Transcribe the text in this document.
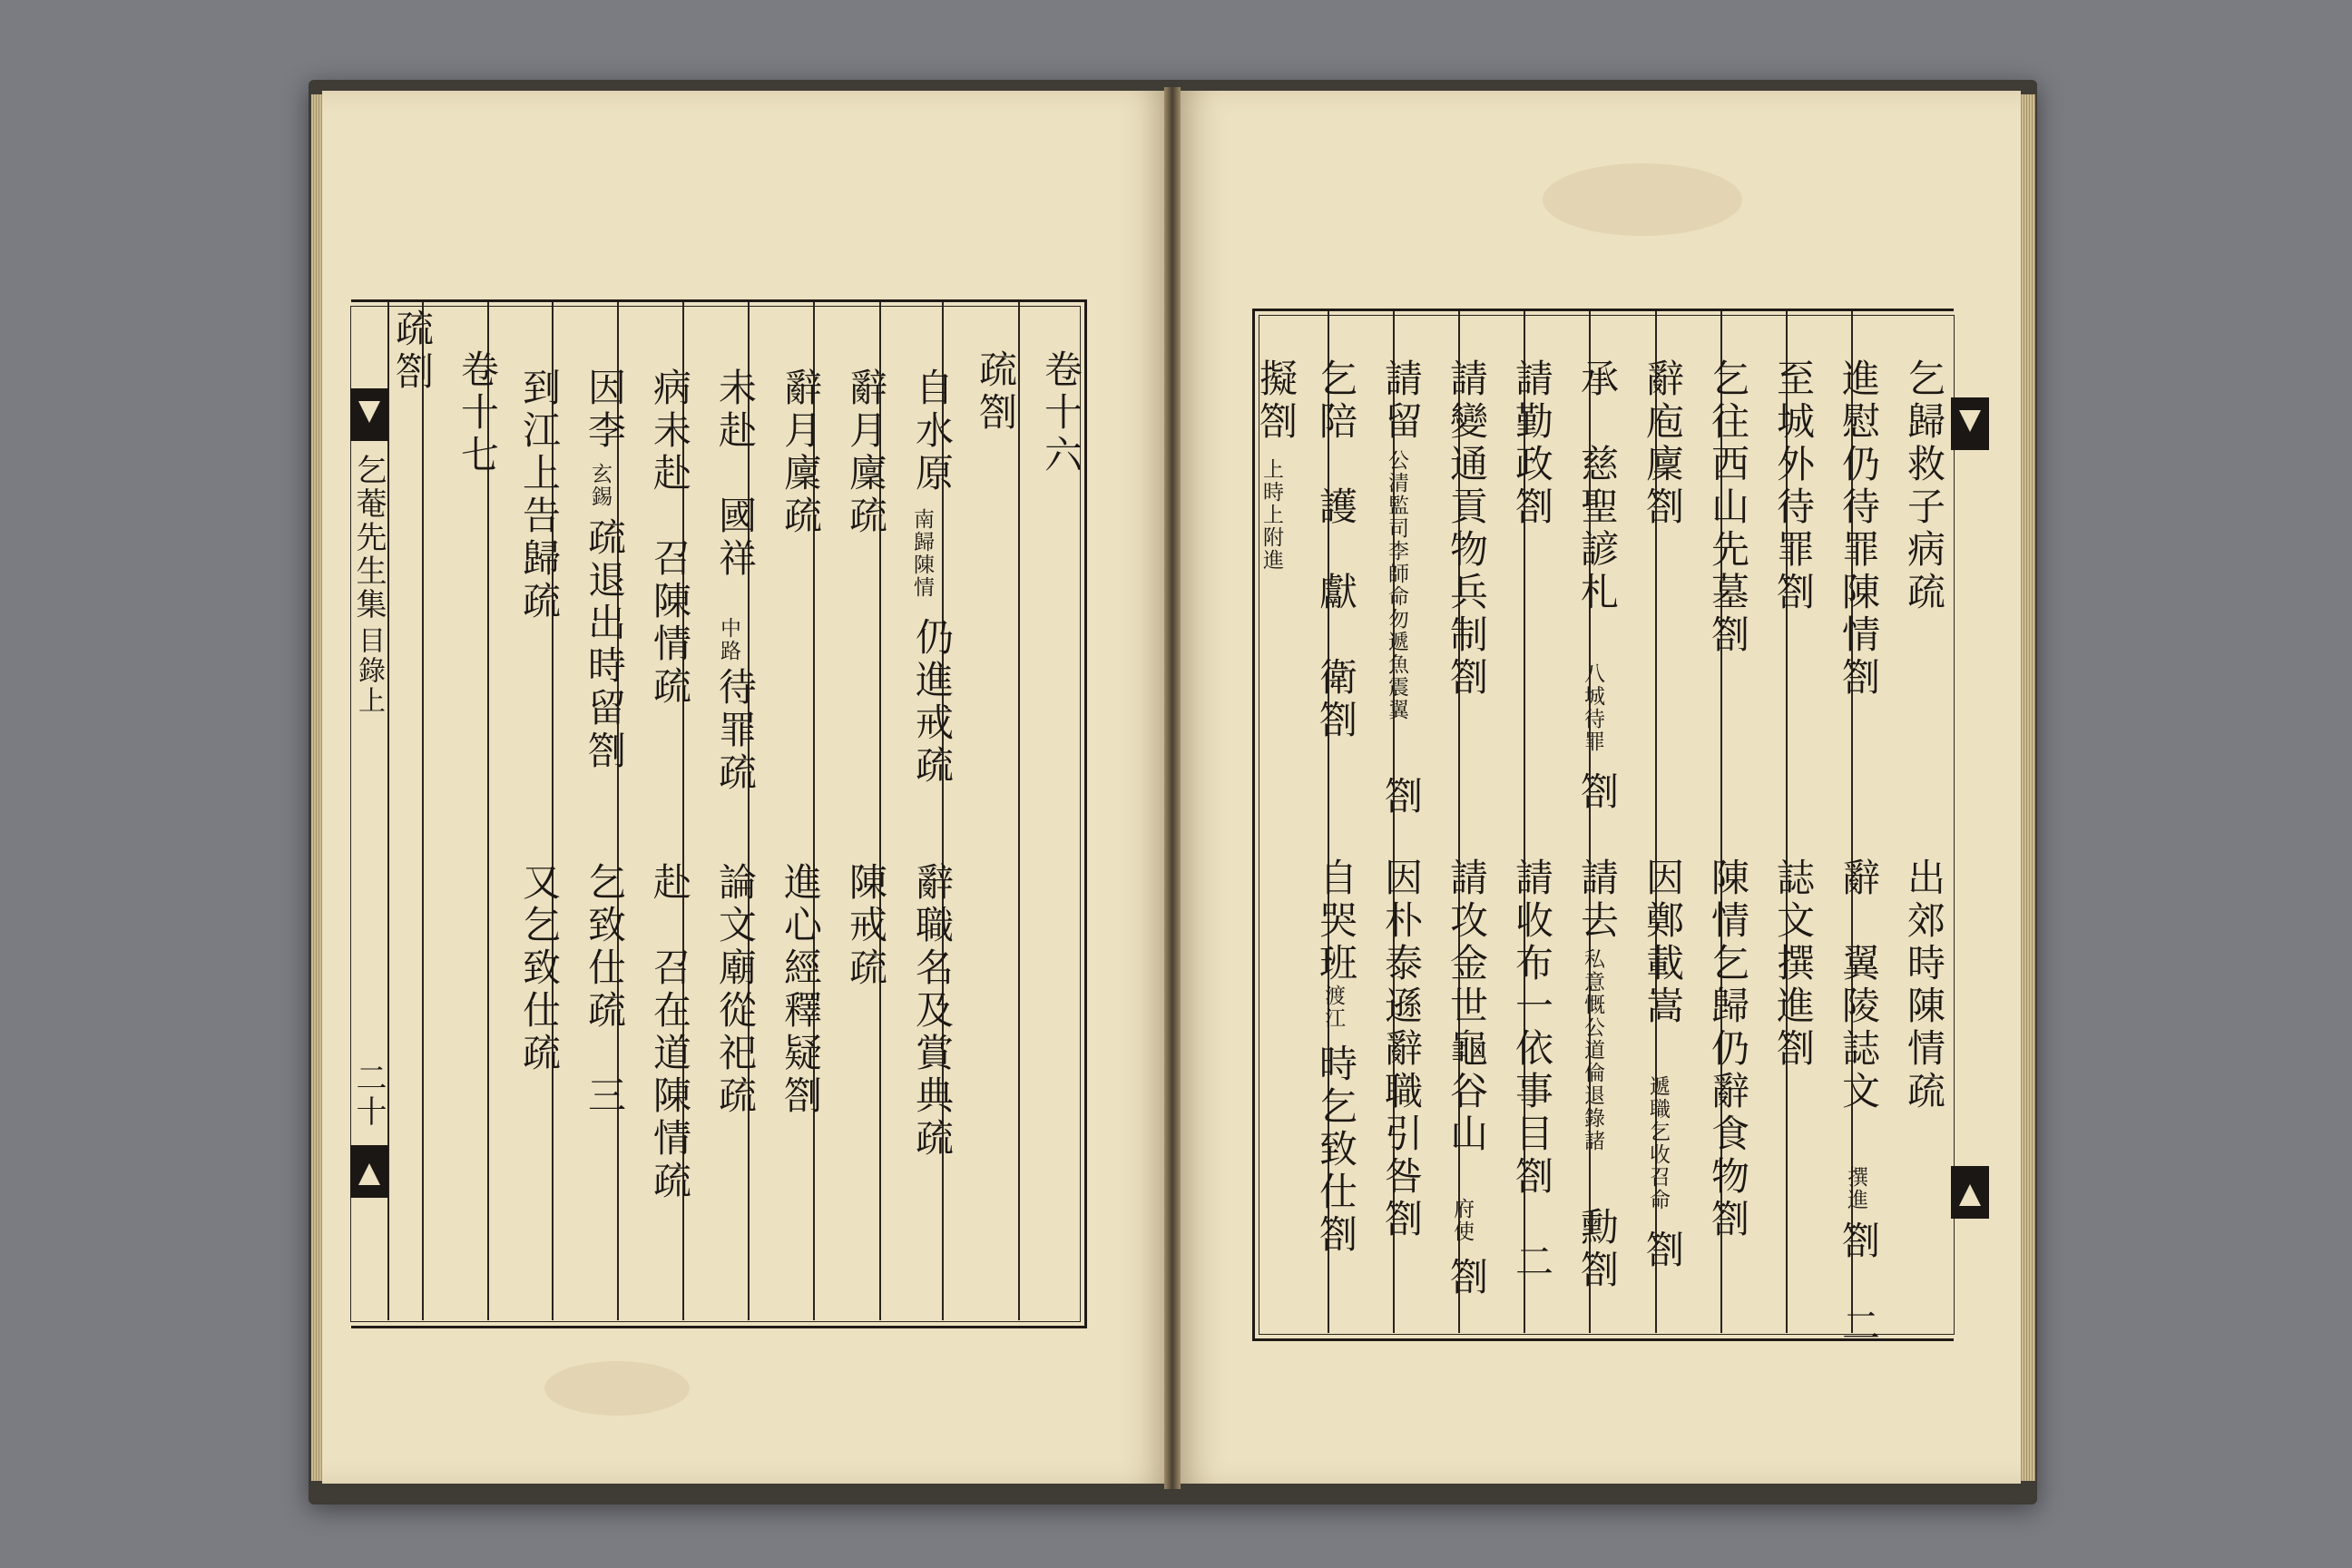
乞菴先生集
目錄上
二十
卷十六
疏劄
自水原
南歸陳情
仍進戒疏
辭職名及賞典疏
辭月廩疏
陳戒疏
辭月廩疏
進心經釋疑劄
未赴　國祥
中路
待罪疏
論文廟從祀疏
病未赴　召陳情疏
赴　召在道陳情疏
因李
玄錫
疏退出時留劄
乞致仕疏　三
到江上告歸疏
又乞致仕疏
卷十七
疏劄
乞歸救子病疏
出郊時陳情疏
進慰仍待罪陳情劄
辭　翼陵誌文
撰進
劄　二
至城外待罪劄
誌文撰進劄
乞往西山先墓劄
陳情乞歸仍辭食物劄
辭庖廩劄
因鄭載嵩
遞職乞收召命
劄
承　慈聖諺札
八城待罪
劄
請去
私意慨公道倫退錄諸
勳劄
請勤政劄
請收布一依事目劄　二
請變通貢物兵制劄
請攻金世龜谷山
府使
劄
請留
公清監司李師命勿遞魚震翼
劄
因朴泰遜辭職引咎劄
乞陪　護　獻　衛劄
自哭班
渡江
時乞致仕劄
擬劄
上時上附進
